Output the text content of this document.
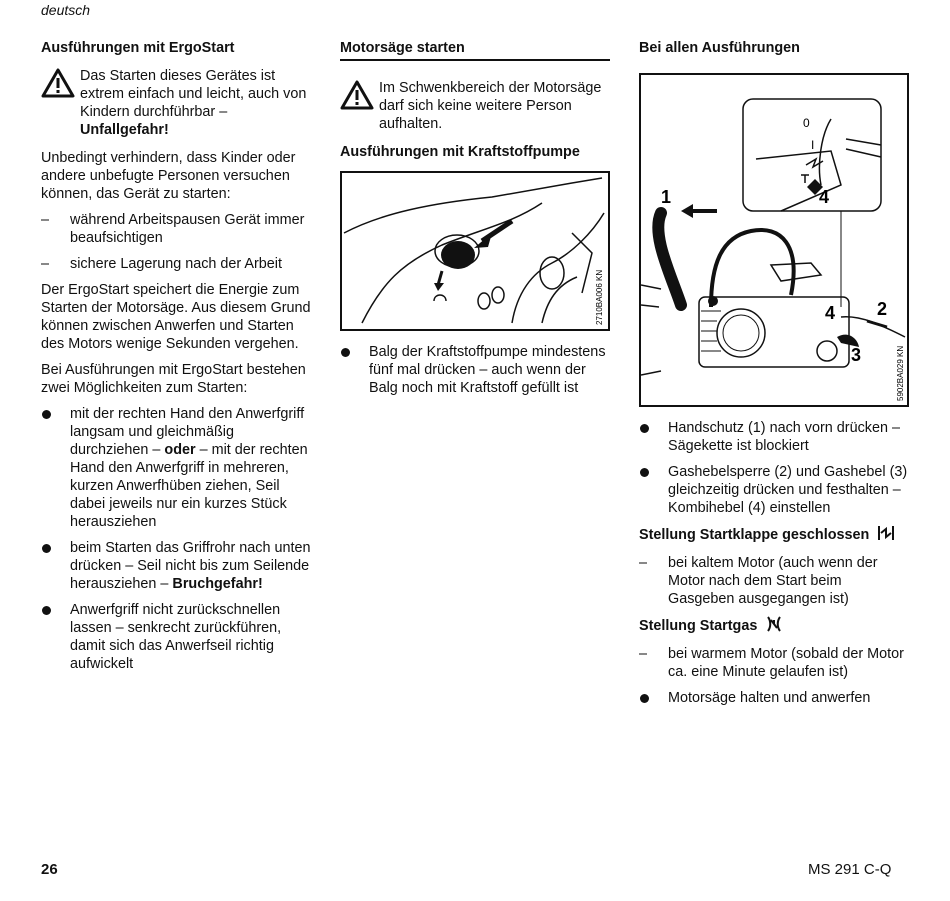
deutsch
Ausführungen mit ErgoStart
Das Starten dieses Gerätes ist extrem einfach und leicht, auch von Kindern durchführbar – Unfallgefahr!

Unbedingt verhindern, dass Kinder oder andere unbefugte Personen versuchen können, das Gerät zu starten:

–	während Arbeitspausen Gerät immer beaufsichtigen
–	sichere Lagerung nach der Arbeit

Der ErgoStart speichert die Energie zum Starten der Motorsäge. Aus diesem Grund können zwischen Anwerfen und Starten des Motors wenige Sekunden vergehen.

Bei Ausführungen mit ErgoStart bestehen zwei Möglichkeiten zum Starten:

mit der rechten Hand den Anwerfgriff langsam und gleichmäßig durchziehen – oder – mit der rechten Hand den Anwerfgriff in mehreren, kurzen Anwerfhüben ziehen, Seil dabei jeweils nur ein kurzes Stück herausziehen
beim Starten das Griffrohr nach unten drücken – Seil nicht bis zum Seilende herausziehen – Bruchgefahr!
Anwerfgriff nicht zurückschnellen lassen – senkrecht zurückführen, damit sich das Anwerfseil richtig aufwickelt
Motorsäge starten
Im Schwenkbereich der Motorsäge darf sich keine weitere Person aufhalten.
Ausführungen mit Kraftstoffpumpe
2710BA006 KN
Balg der Kraftstoffpumpe mindestens fünf mal drücken – auch wenn der Balg noch mit Kraftstoff gefüllt ist
Bei allen Ausführungen
0
I
4
1
4 2
3	5902BA029 KN
Handschutz (1) nach vorn drücken – Sägekette ist blockiert
Gashebelsperre (2) und Gashebel (3) gleichzeitig drücken und festhalten – Kombihebel (4) einstellen
Stellung Startklappe geschlossen
–	bei kaltem Motor (auch wenn der Motor nach dem Start beim Gasgeben ausgegangen ist)
Stellung Startgas
–	bei warmem Motor (sobald der Motor ca. eine Minute gelaufen ist)
Motorsäge halten und anwerfen
26	MS 291 C-Q
